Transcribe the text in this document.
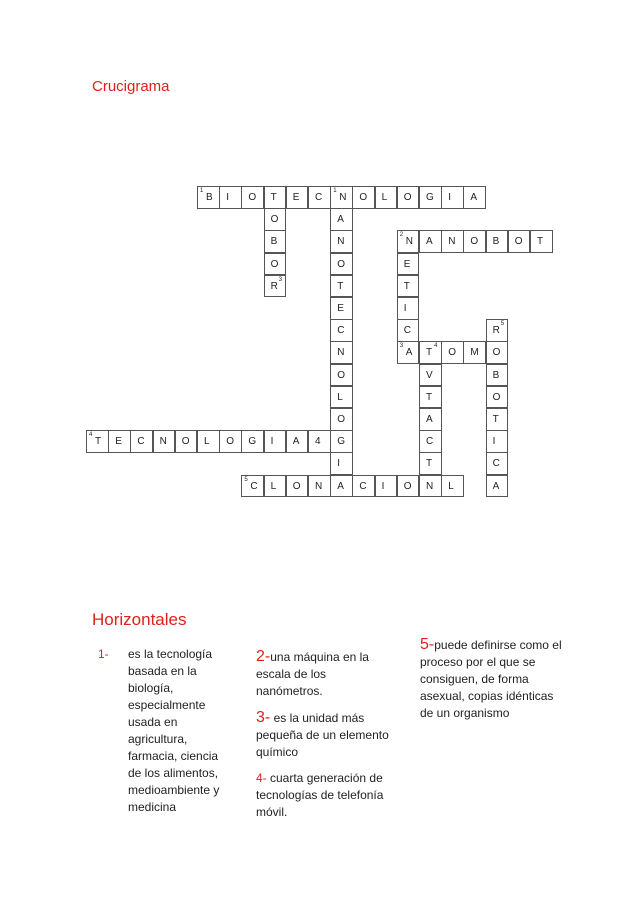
Crucigrama
1
B I O T E C
1
N O L O G I A
O	A
B	N
2
N A N O B O T
O	O	E
R
3
T	T
E	I
C	C	R
5
N
3
A T
4
O M O
O	V	B
L	T	O
O	A	T
4
T E C N O L O G I A 4 G	C	I
I	T	C
5
C L O N A C I O N L	A
Horizontales
1- es la tecnología basada en la biología, especialmente usada en agricultura, farmacia, ciencia de los alimentos, medioambiente y medicina

2-una máquina en la escala de los nanómetros.

3- es la unidad más pequeña de un elemento químico

4- cuarta generación de tecnologías de telefonía móvil.

5-puede definirse como el proceso por el que se consiguen, de forma asexual, copias idénticas de un organismo
